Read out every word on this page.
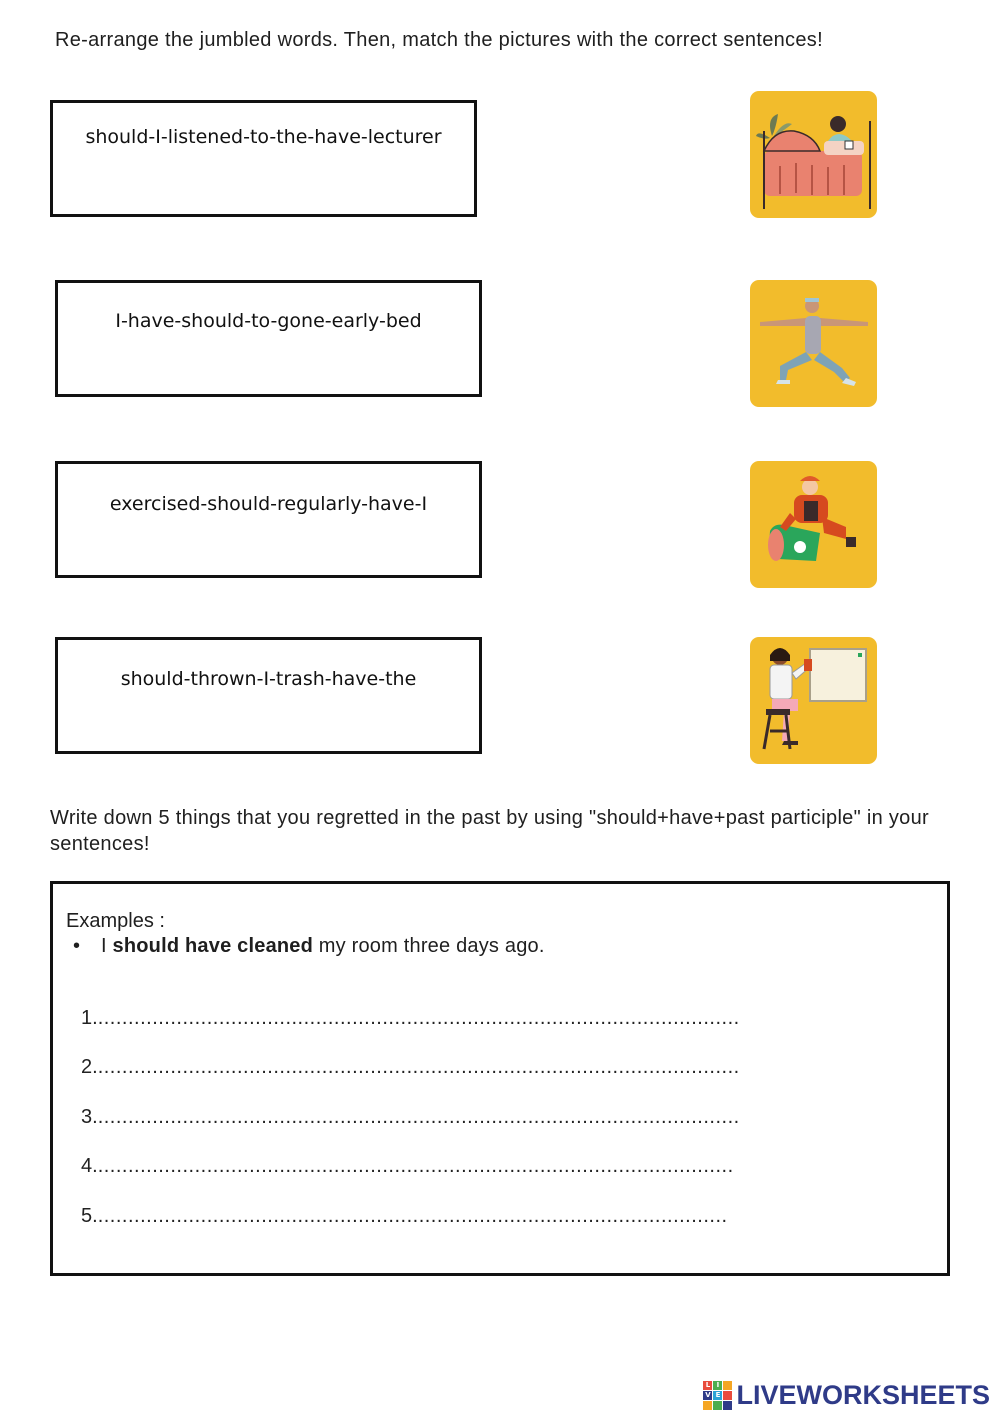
Re-arrange the jumbled words. Then, match the pictures with the correct sentences!
should-I-listened-to-the-have-lecturer
I-have-should-to-gone-early-bed
exercised-should-regularly-have-I
should-thrown-I-trash-have-the
Write down 5 things that you regretted in the past by using "should+have+past participle" in your sentences!
Examples :
• I should have cleaned my room three days ago.
1...........................................................................................................
2...........................................................................................................
3...........................................................................................................
4..........................................................................................................
5.........................................................................................................
L I
V E LIVEWORKSHEETS
